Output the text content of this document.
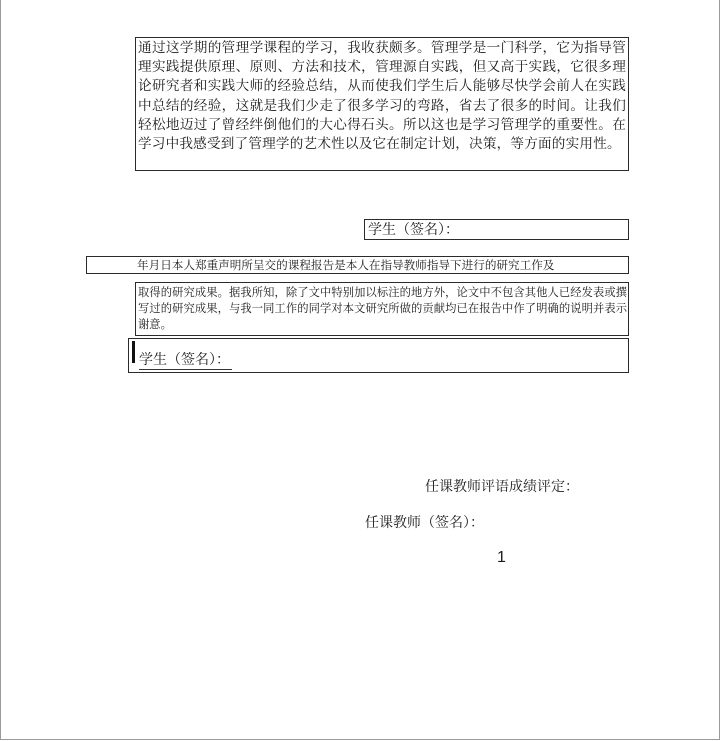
通过这学期的管理学课程的学习，我收获颇多。管理学是一门科学，它为指导管理实践提供原理、原则、方法和技术，管理源自实践，但又高于实践，它很多理论研究者和实践大师的经验总结，从而使我们学生后人能够尽快学会前人在实践中总结的经验，这就是我们少走了很多学习的弯路，省去了很多的时间。让我们轻松地迈过了曾经绊倒他们的大心得石头。所以这也是学习管理学的重要性。在学习中我感受到了管理学的艺术性以及它在制定计划，决策，等方面的实用性。
学生（签名）：
年月日本人郑重声明所呈交的课程报告是本人在指导教师指导下进行的研究工作及
取得的研究成果。据我所知，除了文中特别加以标注的地方外，论文中不包含其他人已经发表或撰写过的研究成果，与我一同工作的同学对本文研究所做的贡献均已在报告中作了明确的说明并表示谢意。
学生（签名）：
任课教师评语成绩评定：
任课教师（签名）：
1
